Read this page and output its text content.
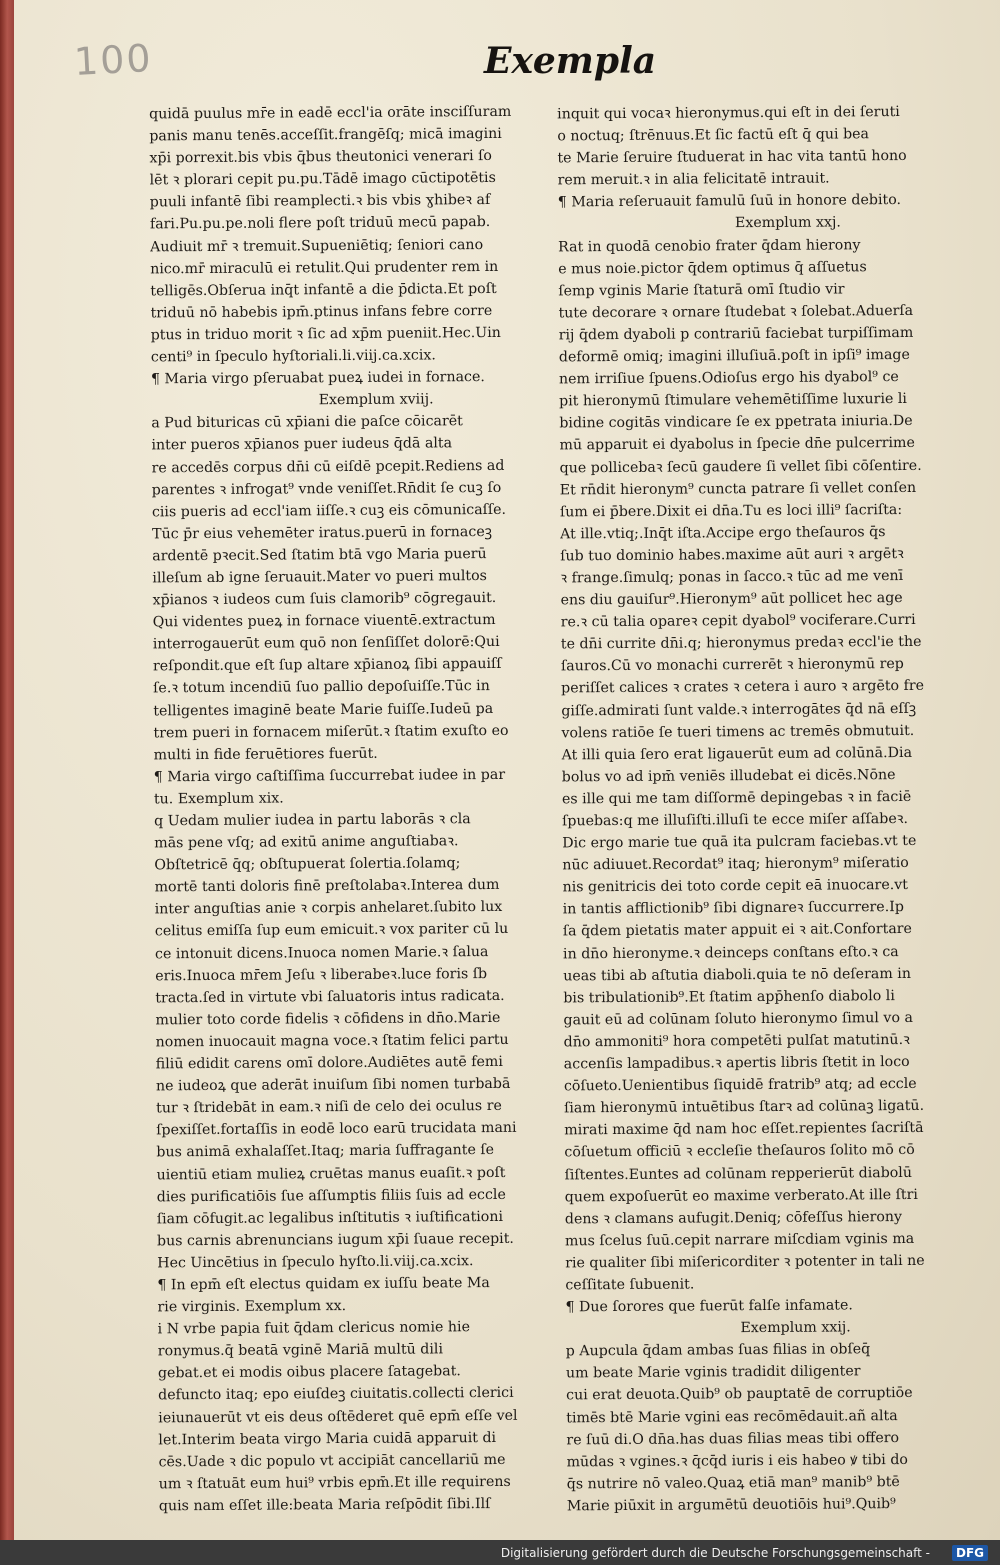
100	Exempla
quidā puulus mr̄e in eadē eccl'ia orāte insciſſuram
panis manu tenēs.acceſſit.frangēſq; micā imagini
xp̄i porrexit.bis vbis q̄bus theutonici venerari ſo
lēt ꝛ plorari cepit pu.pu.Tādē imago cūctipotētis
puuli infantē ſibi reamplecti.ꝛ bis vbis ɣhibeꝛ af
fari.Pu.pu.pe.noli flere poſt triduū mecū papab.
Audiuit mr̄ ꝛ tremuit.Supueniētiq; ſeniori cano
nico.mr̄ miraculū ei retulit.Qui prudenter rem in
telligēs.Obſerua inq̄t infantē a die p̄dicta.Et poſt
triduū nō habebis ipm̄.ptinus infans febre corre
ptus in triduo morit ꝛ ſic ad xp̄m pueniit.Hec.Uin
centi⁹ in ſpeculo hyſtoriali.li.viij.ca.xcix.
¶ Maria virgo pſeruabat pueꝝ iudei in fornace.
Exemplum xviij.
a Pud bituricas cū xp̄iani die paſce cōicarēt
inter pueros xp̄ianos puer iudeus q̄dā alta
re accedēs corpus dn̄i cū eiſdē pcepit.Rediens ad
parentes ꝛ infrogat⁹ vnde veniſſet.Rn̄dit ſe cuꝫ ſo
ciis pueris ad eccl'iam iiſſe.ꝛ cuꝫ eis cōmunicaſſe.
Tūc p̄r eius vehemēter iratus.puerū in fornaceꝫ
ardentē pꝛecit.Sed ſtatim btā vgo Maria puerū
illeſum ab igne ſeruauit.Mater vo pueri multos
xp̄ianos ꝛ iudeos cum ſuis clamorib⁹ cōgregauit.
Qui videntes pueꝝ in fornace viuentē.extractum
interrogauerūt eum quō non ſenſiſſet dolorē:Qui
reſpondit.que eſt ſup altare xp̄ianoꝝ ſibi appauiſſ
ſe.ꝛ totum incendiū ſuo pallio depoſuiſſe.Tūc in
telligentes imaginē beate Marie fuiſſe.Iudeū pa
trem pueri in fornacem miſerūt.ꝛ ſtatim exuſto eo
multi in fide feruētiores fuerūt.
¶ Maria virgo caſtiſſima ſuccurrebat iudee in par
tu. Exemplum xix.
q Uedam mulier iudea in partu laborās ꝛ cla
mās pene vſq; ad exitū anime anguſtiabaꝛ.
Obſtetricē q̄q; obſtupuerat ſolertia.ſolamq;
mortē tanti doloris finē preſtolabaꝛ.Interea dum
inter anguſtias anie ꝛ corpis anhelaret.ſubito lux
celitus emiſſa ſup eum emicuit.ꝛ vox pariter cū lu
ce intonuit dicens.Inuoca nomen Marie.ꝛ ſalua
eris.Inuoca mr̄em Jeſu ꝛ liberabeꝛ.luce foris ſb
tracta.ſed in virtute vbi ſaluatoris intus radicata.
mulier toto corde fidelis ꝛ cōfidens in dn̄o.Marie
nomen inuocauit magna voce.ꝛ ſtatim felici partu
filiū edidit carens omī dolore.Audiētes autē femi
ne iudeoꝝ que aderāt inuiſum ſibi nomen turbabā
tur ꝛ ſtridebāt in eam.ꝛ niſi de celo dei oculus re
ſpexiſſet.fortaſſis in eodē loco earū trucidata mani
bus animā exhalaſſet.Itaq; maria ſuffragante ſe
uientiū etiam mulieꝝ cruētas manus euaſit.ꝛ poſt
dies purificatiōis ſue aſſumptis filiis ſuis ad eccle
ſiam cōfugit.ac legalibus inſtitutis ꝛ iuſtificationi
bus carnis abrenuncians iugum xp̄i ſuaue recepit.
Hec Uincētius in ſpeculo hyſto.li.viij.ca.xcix.
¶ In epm̄ eſt electus quidam ex iuſſu beate Ma
rie virginis. Exemplum xx.
i N vrbe papia fuit q̄dam clericus nomie hie
ronymus.q̄ beatā vginē Mariā multū dili
gebat.et ei modis oibus placere ſatagebat.
defuncto itaq; epo eiuſdeꝫ ciuitatis.collecti clerici
ieiunauerūt vt eis deus oſtēderet quē epm̄ eſſe vel
let.Interim beata virgo Maria cuidā apparuit di
cēs.Uade ꝛ dic populo vt accipiāt cancellariū me
um ꝛ ſtatuāt eum hui⁹ vrbis epm̄.Et ille requirens
quis nam eſſet ille:beata Maria reſpōdit ſibi.Ilſ
inquit qui vocaꝛ hieronymus.qui eſt in dei ſeruti
o noctuq; ſtrēnuus.Et ſic factū eſt q̄ qui bea
te Marie ſeruire ſtuduerat in hac vita tantū hono
rem meruit.ꝛ in alia felicitatē intrauit.
¶ Maria reſeruauit famulū ſuū in honore debito.
Exemplum xxj.
Rat in quodā cenobio frater q̄dam hierony
e mus noie.pictor q̄dem optimus q̄ aſſuetus
ſemp vginis Marie ſtaturā omī ſtudio vir
tute decorare ꝛ ornare ſtudebat ꝛ ſolebat.Aduerſa
rij q̄dem dyaboli p contrariū faciebat turpiſſimam
deformē omiq; imagini illuſiuā.poſt in ipſi⁹ image
nem irriſiue ſpuens.Odioſus ergo his dyabol⁹ ce
pit hieronymū ſtimulare vehemētiſſime luxurie li
bidine cogitās vindicare ſe ex ppetrata iniuria.De
mū apparuit ei dyabolus in ſpecie dn̄e pulcerrime
que pollicebaꝛ ſecū gaudere ſi vellet ſibi cōſentire.
Et rn̄dit hieronym⁹ cuncta patrare ſi vellet conſen
ſum ei p̄bere.Dixit ei dn̄a.Tu es loci illi⁹ ſacriſta:
At ille.vtiq;.Inq̄t iſta.Accipe ergo theſauros q̄s
ſub tuo dominio habes.maxime aūt auri ꝛ argētꝛ
ꝛ frange.ſimulq; ponas in ſacco.ꝛ tūc ad me venī
ens diu gauiſur⁹.Hieronym⁹ aūt pollicet hec age
re.ꝛ cū talia opareꝛ cepit dyabol⁹ vociferare.Curri
te dn̄i currite dn̄i.q; hieronymus predaꝛ eccl'ie the
ſauros.Cū vo monachi currerēt ꝛ hieronymū rep
periſſet calices ꝛ crates ꝛ cetera i auro ꝛ argēto fre
giſſe.admirati ſunt valde.ꝛ interrogātes q̄d nā eſſꝫ
volens ratiōe ſe tueri timens ac tremēs obmutuit.
At illi quia ſero erat ligauerūt eum ad colūnā.Dia
bolus vo ad ipm̄ veniēs illudebat ei dicēs.Nōne
es ille qui me tam diſſormē depingebas ꝛ in faciē
ſpuebas:q me illuſiſti.illuſi te ecce miſer aſſabeꝛ.
Dic ergo marie tue quā ita pulcram faciebas.vt te
nūc adiuuet.Recordat⁹ itaq; hieronym⁹ miſeratio
nis genitricis dei toto corde cepit eā inuocare.vt
in tantis afflictionib⁹ ſibi dignareꝛ ſuccurrere.Ip
ſa q̄dem pietatis mater appuit ei ꝛ ait.Confortare
in dn̄o hieronyme.ꝛ deinceps conſtans eſto.ꝛ ca
ueas tibi ab aſtutia diaboli.quia te nō deſeram in
bis tribulationib⁹.Et ſtatim app̄henſo diabolo li
gauit eū ad colūnam ſoluto hieronymo ſimul vo a
dn̄o ammoniti⁹ hora competēti pulſat matutinū.ꝛ
accenſis lampadibus.ꝛ apertis libris ſtetit in loco
cōſueto.Uenientibus ſiquidē fratrib⁹ atq; ad eccle
ſiam hieronymū intuētibus ſtarꝛ ad colūnaꝫ ligatū.
mirati maxime q̄d nam hoc eſſet.repientes ſacriſtā
cōſuetum officiū ꝛ eccleſie theſauros ſolito mō cō
ſiſtentes.Euntes ad colūnam repperierūt diabolū
quem expoſuerūt eo maxime verberato.At ille ſtri
dens ꝛ clamans aufugit.Deniq; cōfeſſus hierony
mus ſcelus ſuū.cepit narrare miſcdiam vginis ma
rie qualiter ſibi miſericorditer ꝛ potenter in tali ne
ceſſitate ſubuenit.
¶ Due ſorores que fuerūt falſe infamate.
Exemplum xxij.
p Aupcula q̄dam ambas ſuas filias in obſeq̄
um beate Marie vginis tradidit diligenter
cui erat deuota.Quib⁹ ob pauptatē de corruptiōe
timēs btē Marie vgini eas recōmēdauit.añ alta
re ſuū di.O dn̄a.has duas filias meas tibi offero
mūdas ꝛ vgines.ꝛ q̄cq̄d iuris i eis habeo ꝟ tibi do
q̄s nutrire nō valeo.Quaꝝ etiā man⁹ manib⁹ btē
Marie piūxit in argumētū deuotiōis hui⁹.Quib⁹
Digitalisierung gefördert durch die Deutsche Forschungsgemeinschaft -	DFG
